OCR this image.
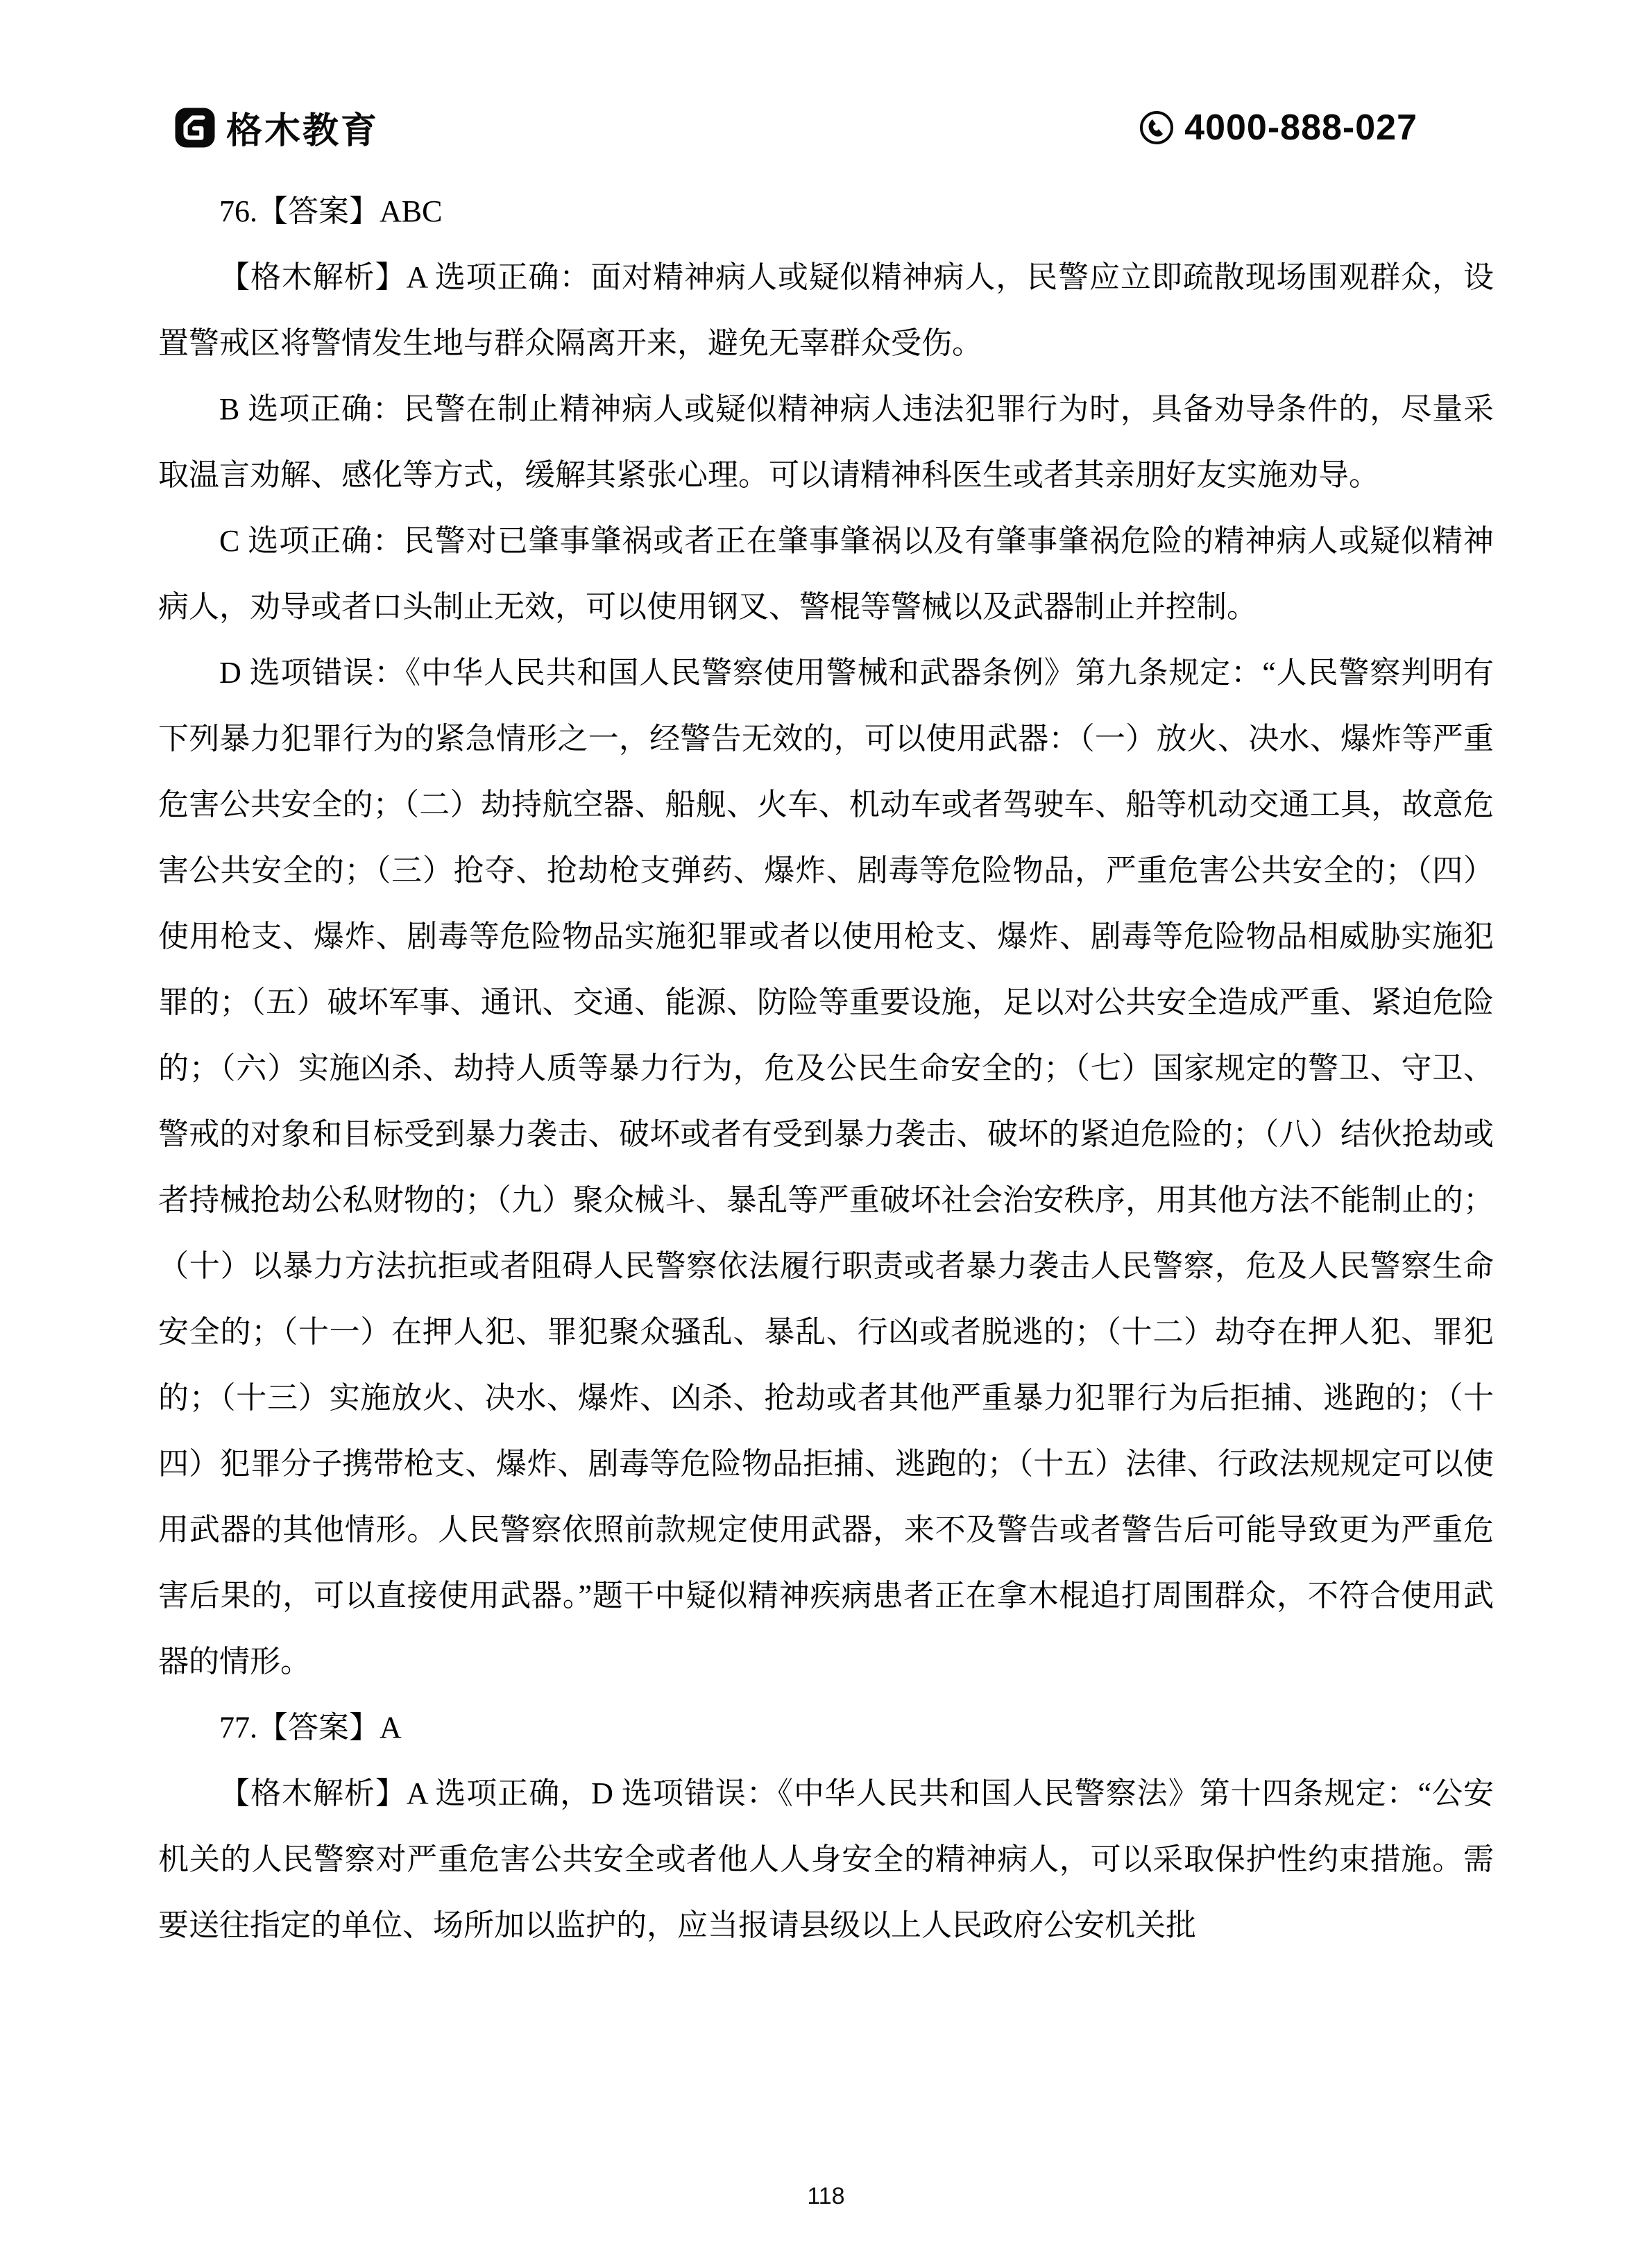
格木教育	4000-888-027

76.【答案】ABC

【格木解析】A 选项正确：面对精神病人或疑似精神病人，民警应立即疏散现场围观群众，设置警戒区将警情发生地与群众隔离开来，避免无辜群众受伤。

B 选项正确：民警在制止精神病人或疑似精神病人违法犯罪行为时，具备劝导条件的，尽量采取温言劝解、感化等方式，缓解其紧张心理。可以请精神科医生或者其亲朋好友实施劝导。

C 选项正确：民警对已肇事肇祸或者正在肇事肇祸以及有肇事肇祸危险的精神病人或疑似精神病人，劝导或者口头制止无效，可以使用钢叉、警棍等警械以及武器制止并控制。

D 选项错误：《中华人民共和国人民警察使用警械和武器条例》第九条规定：“人民警察判明有下列暴力犯罪行为的紧急情形之一，经警告无效的，可以使用武器：（一）放火、决水、爆炸等严重危害公共安全的；（二）劫持航空器、船舰、火车、机动车或者驾驶车、船等机动交通工具，故意危害公共安全的；（三）抢夺、抢劫枪支弹药、爆炸、剧毒等危险物品，严重危害公共安全的；（四）使用枪支、爆炸、剧毒等危险物品实施犯罪或者以使用枪支、爆炸、剧毒等危险物品相威胁实施犯罪的；（五）破坏军事、通讯、交通、能源、防险等重要设施，足以对公共安全造成严重、紧迫危险的；（六）实施凶杀、劫持人质等暴力行为，危及公民生命安全的；（七）国家规定的警卫、守卫、警戒的对象和目标受到暴力袭击、破坏或者有受到暴力袭击、破坏的紧迫危险的；（八）结伙抢劫或者持械抢劫公私财物的；（九）聚众械斗、暴乱等严重破坏社会治安秩序，用其他方法不能制止的；（十）以暴力方法抗拒或者阻碍人民警察依法履行职责或者暴力袭击人民警察，危及人民警察生命安全的；（十一）在押人犯、罪犯聚众骚乱、暴乱、行凶或者脱逃的；（十二）劫夺在押人犯、罪犯的；（十三）实施放火、决水、爆炸、凶杀、抢劫或者其他严重暴力犯罪行为后拒捕、逃跑的；（十四）犯罪分子携带枪支、爆炸、剧毒等危险物品拒捕、逃跑的；（十五）法律、行政法规规定可以使用武器的其他情形。人民警察依照前款规定使用武器，来不及警告或者警告后可能导致更为严重危害后果的，可以直接使用武器。”题干中疑似精神疾病患者正在拿木棍追打周围群众，不符合使用武器的情形。

77.【答案】A

【格木解析】A 选项正确，D 选项错误：《中华人民共和国人民警察法》第十四条规定：“公安机关的人民警察对严重危害公共安全或者他人人身安全的精神病人，可以采取保护性约束措施。需要送往指定的单位、场所加以监护的，应当报请县级以上人民政府公安机关批

118
